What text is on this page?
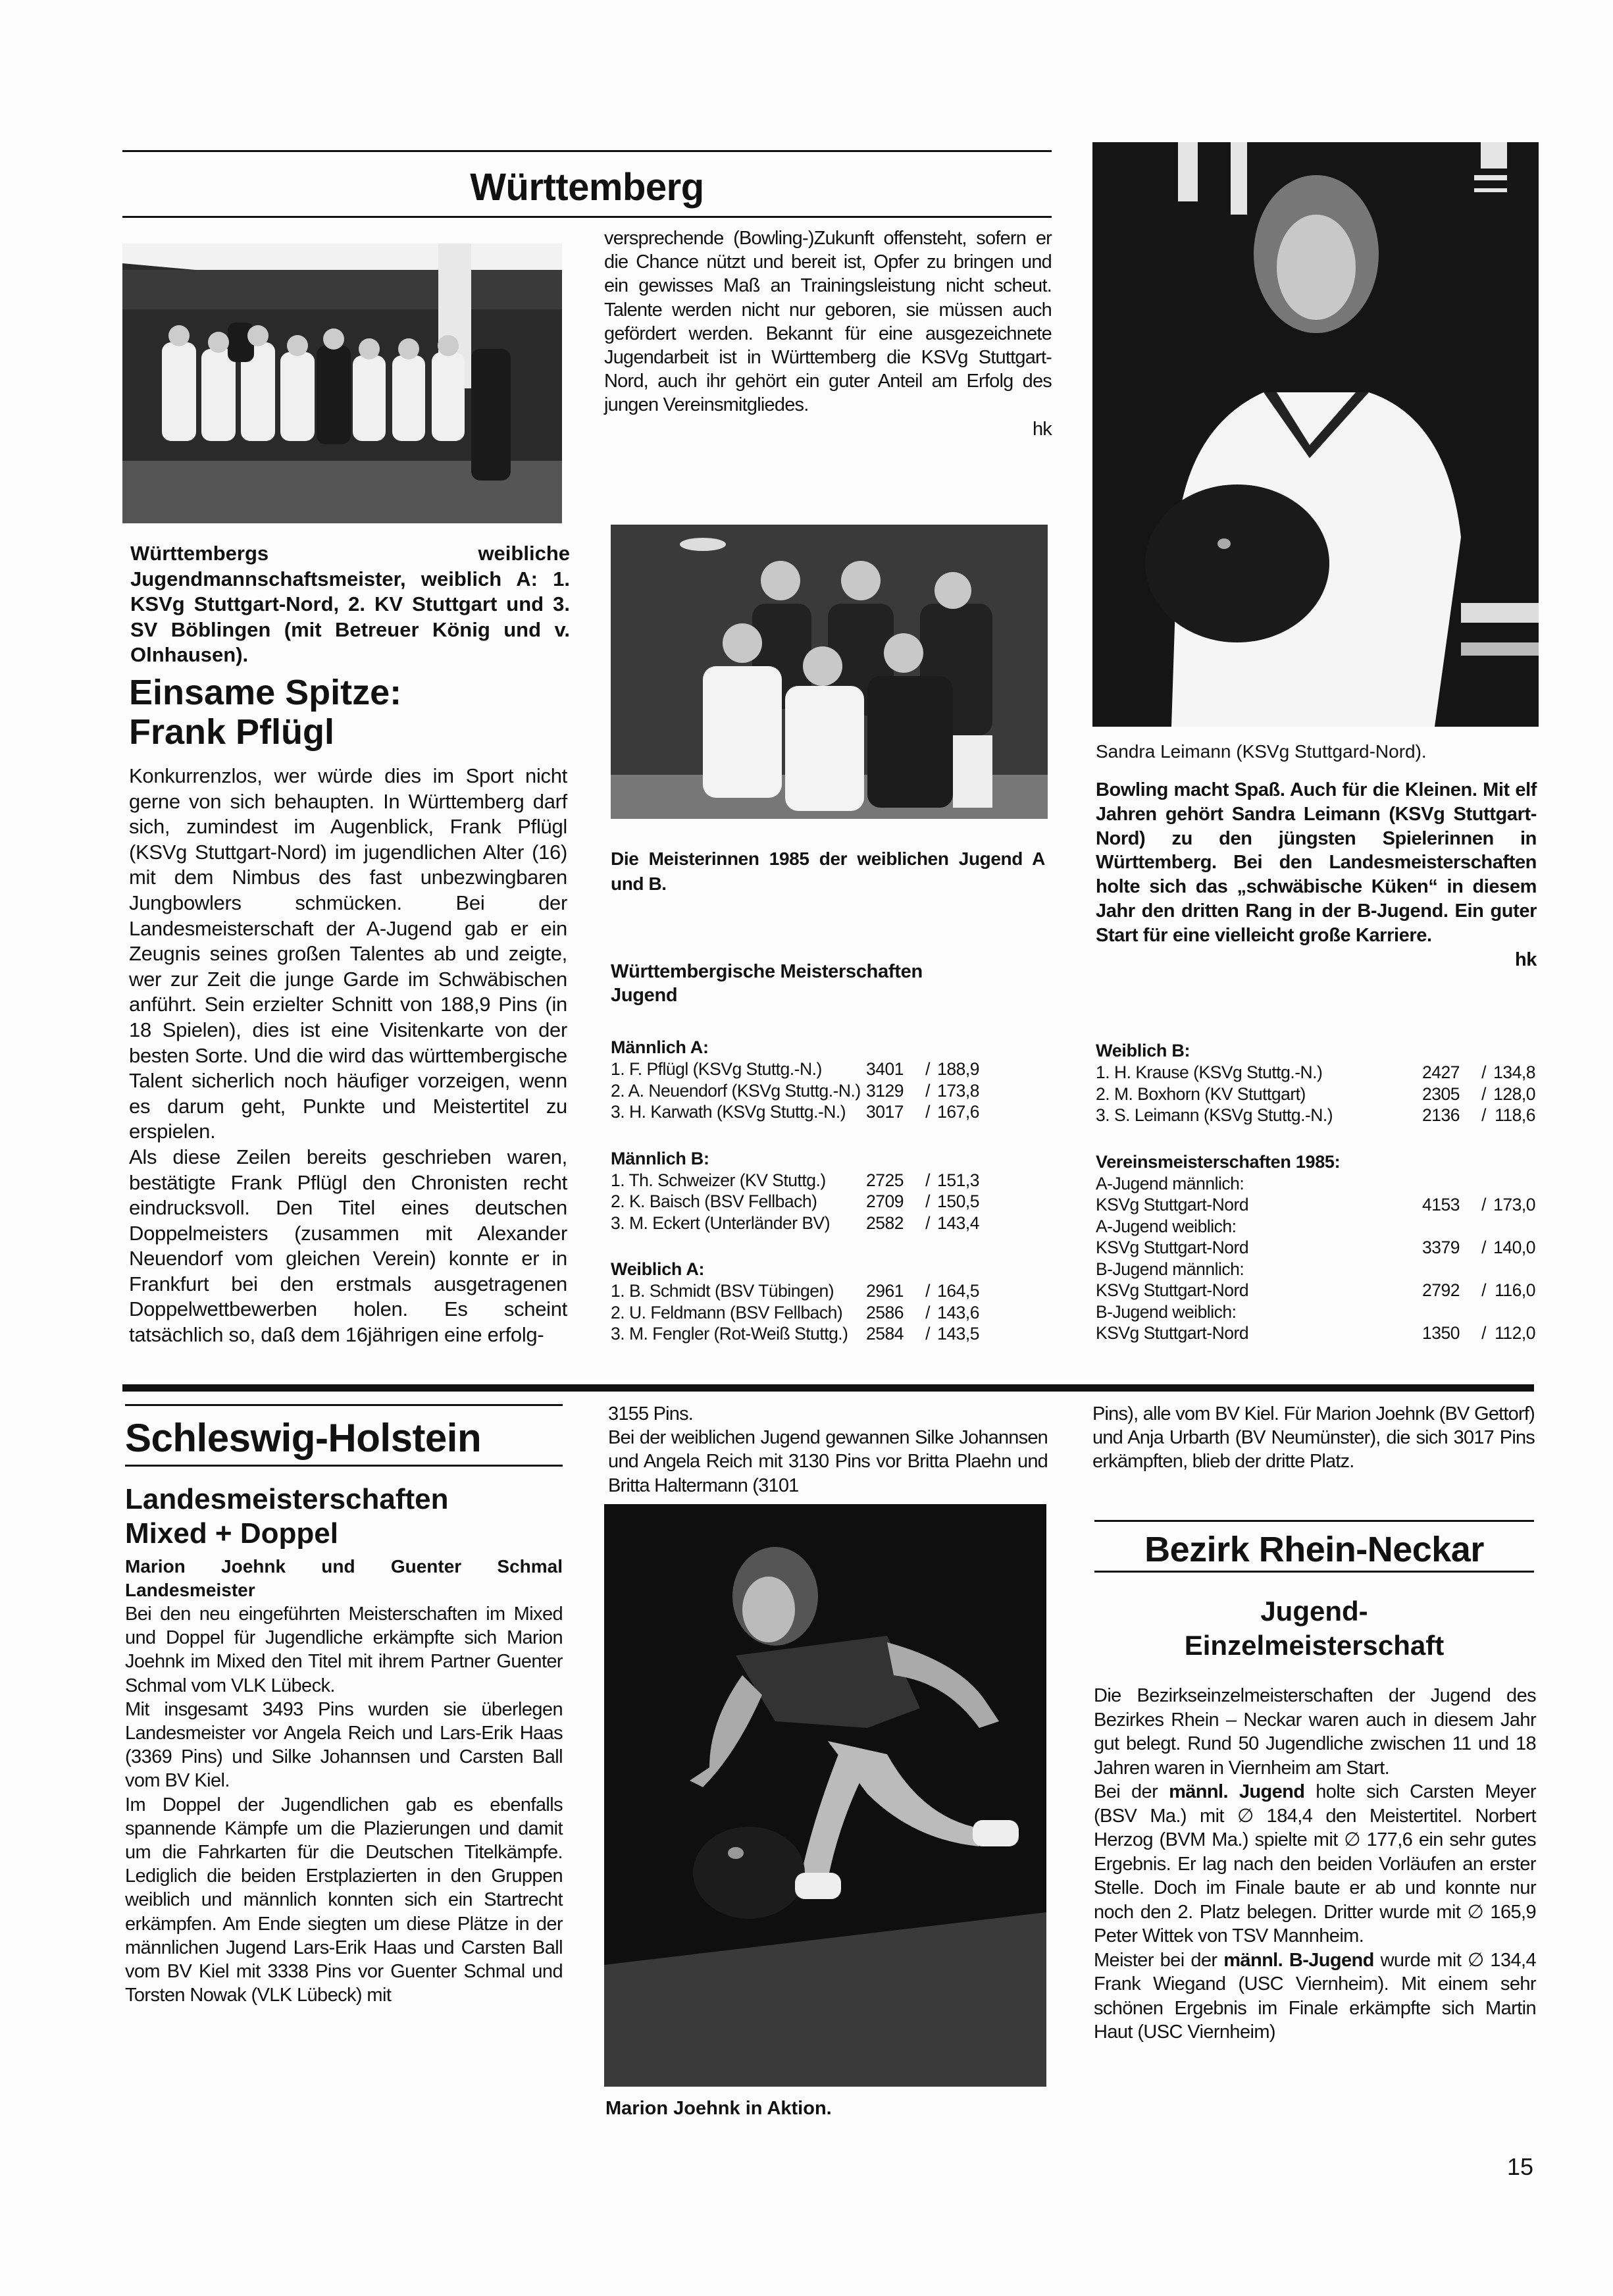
Württemberg

versprechende (Bowling-)Zukunft offensteht, sofern er die Chance nützt und bereit ist, Opfer zu bringen und ein gewisses Maß an Trainingsleistung nicht scheut. Talente werden nicht nur geboren, sie müssen auch gefördert werden. Bekannt für eine ausgezeichnete Jugendarbeit ist in Württemberg die KSVg Stuttgart-Nord, auch ihr gehört ein guter Anteil am Erfolg des jungen Vereinsmitgliedes.

hk

Württembergs weibliche Jugendmannschaftsmeister, weiblich A: 1. KSVg Stuttgart-Nord, 2. KV Stuttgart und 3. SV Böblingen (mit Betreuer König und v. Olnhausen).
Einsame Spitze:
Frank Pflügl

Konkurrenzlos, wer würde dies im Sport nicht gerne von sich behaupten. In Württemberg darf sich, zumindest im Augenblick, Frank Pflügl (KSVg Stuttgart-Nord) im jugendlichen Alter (16) mit dem Nimbus des fast unbezwingbaren Jungbowlers schmücken. Bei der Landesmeisterschaft der A-Jugend gab er ein Zeugnis seines großen Talentes ab und zeigte, wer zur Zeit die junge Garde im Schwäbischen anführt. Sein erzielter Schnitt von 188,9 Pins (in 18 Spielen), dies ist eine Visitenkarte von der besten Sorte. Und die wird das württembergische Talent sicherlich noch häufiger vorzeigen, wenn es darum geht, Punkte und Meistertitel zu erspielen.

Als diese Zeilen bereits geschrieben waren, bestätigte Frank Pflügl den Chronisten recht eindrucksvoll. Den Titel eines deutschen Doppelmeisters (zusammen mit Alexander Neuendorf vom gleichen Verein) konnte er in Frankfurt bei den erstmals ausgetragenen Doppelwettbewerben holen. Es scheint tatsächlich so, daß dem 16jährigen eine erfolg-

Die Meisterinnen 1985 der weiblichen Jugend A und B.
Württembergische Meisterschaften Jugend
Männlich A:
1. F. Pflügl (KSVg Stuttg.-N.)	3401	/	188,9
2. A. Neuendorf (KSVg Stuttg.-N.)	3129	/	173,8
3. H. Karwath (KSVg Stuttg.-N.)	3017	/	167,6
Männlich B:
1. Th. Schweizer (KV Stuttg.)	2725	/	151,3
2. K. Baisch (BSV Fellbach)	2709	/	150,5
3. M. Eckert (Unterländer BV)	2582	/	143,4
Weiblich A:
1. B. Schmidt (BSV Tübingen)	2961	/	164,5
2. U. Feldmann (BSV Fellbach)	2586	/	143,6
3. M. Fengler (Rot-Weiß Stuttg.)	2584	/	143,5
Sandra Leimann (KSVg Stuttgard-Nord).
Bowling macht Spaß. Auch für die Kleinen. Mit elf Jahren gehört Sandra Leimann (KSVg Stuttgart-Nord) zu den jüngsten Spielerinnen in Württemberg. Bei den Landesmeisterschaften holte sich das „schwäbische Küken“ in diesem Jahr den dritten Rang in der B-Jugend. Ein guter Start für eine vielleicht große Karriere.
hk
Weiblich B:
1. H. Krause (KSVg Stuttg.-N.)	2427	/	134,8
2. M. Boxhorn (KV Stuttgart)	2305	/	128,0
3. S. Leimann (KSVg Stuttg.-N.)	2136	/	118,6
Vereinsmeisterschaften 1985:
A-Jugend männlich:			
KSVg Stuttgart-Nord	4153	/	173,0
A-Jugend weiblich:			
KSVg Stuttgart-Nord	3379	/	140,0
B-Jugend männlich:			
KSVg Stuttgart-Nord	2792	/	116,0
B-Jugend weiblich:			
KSVg Stuttgart-Nord	1350	/	112,0
Schleswig-Holstein
Landesmeisterschaften
Mixed + Doppel
Marion Joehnk und Guenter Schmal Landesmeister

Bei den neu eingeführten Meisterschaften im Mixed und Doppel für Jugendliche erkämpfte sich Marion Joehnk im Mixed den Titel mit ihrem Partner Guenter Schmal vom VLK Lübeck.

Mit insgesamt 3493 Pins wurden sie überlegen Landesmeister vor Angela Reich und Lars-Erik Haas (3369 Pins) und Silke Johannsen und Carsten Ball vom BV Kiel.

Im Doppel der Jugendlichen gab es ebenfalls spannende Kämpfe um die Plazierungen und damit um die Fahrkarten für die Deutschen Titelkämpfe. Lediglich die beiden Erstplazierten in den Gruppen weiblich und männlich konnten sich ein Startrecht erkämpfen. Am Ende siegten um diese Plätze in der männlichen Jugend Lars-Erik Haas und Carsten Ball vom BV Kiel mit 3338 Pins vor Guenter Schmal und Torsten Nowak (VLK Lübeck) mit

3155 Pins.

Bei der weiblichen Jugend gewannen Silke Johannsen und Angela Reich mit 3130 Pins vor Britta Plaehn und Britta Haltermann (3101

Marion Joehnk in Aktion.

Pins), alle vom BV Kiel. Für Marion Joehnk (BV Gettorf) und Anja Urbarth (BV Neumünster), die sich 3017 Pins erkämpften, blieb der dritte Platz.

Bezirk Rhein-Neckar
Jugend-
Einzelmeisterschaft

Die Bezirkseinzelmeisterschaften der Jugend des Bezirkes Rhein – Neckar waren auch in diesem Jahr gut belegt. Rund 50 Jugendliche zwischen 11 und 18 Jahren waren in Viernheim am Start.

Bei der männl. Jugend holte sich Carsten Meyer (BSV Ma.) mit ∅ 184,4 den Meistertitel. Norbert Herzog (BVM Ma.) spielte mit ∅ 177,6 ein sehr gutes Ergebnis. Er lag nach den beiden Vorläufen an erster Stelle. Doch im Finale baute er ab und konnte nur noch den 2. Platz belegen. Dritter wurde mit ∅ 165,9 Peter Wittek von TSV Mannheim.

Meister bei der männl. B-Jugend wurde mit ∅ 134,4 Frank Wiegand (USC Viernheim). Mit einem sehr schönen Ergebnis im Finale erkämpfte sich Martin Haut (USC Viernheim)

15
